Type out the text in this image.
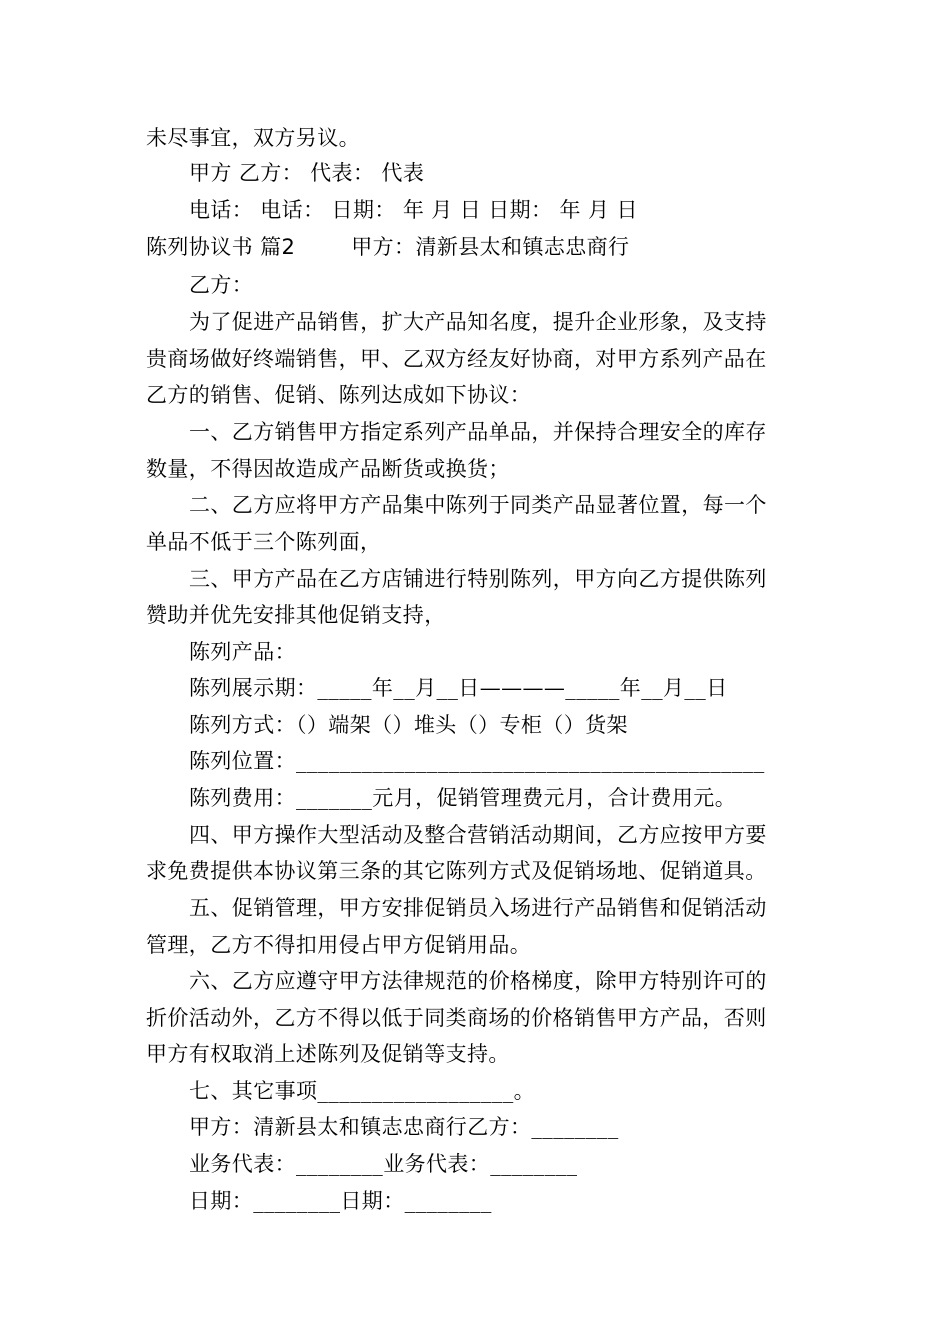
未尽事宜，双方另议。
甲方 乙方： 代表： 代表
电话： 电话： 日期： 年 月 日 日期： 年 月 日
陈列协议书 篇2	甲方：清新县太和镇志忠商行
乙方：
为了促进产品销售，扩大产品知名度，提升企业形象，及支持
贵商场做好终端销售，甲、乙双方经友好协商，对甲方系列产品在
乙方的销售、促销、陈列达成如下协议：
一、乙方销售甲方指定系列产品单品，并保持合理安全的库存
数量，不得因故造成产品断货或换货；
二、乙方应将甲方产品集中陈列于同类产品显著位置，每一个
单品不低于三个陈列面，
三、甲方产品在乙方店铺进行特别陈列，甲方向乙方提供陈列
赞助并优先安排其他促销支持，
陈列产品：
陈列展示期：_____年__月__日————_____年__月__日
陈列方式：（）端架（）堆头（）专柜（）货架
陈列位置：___________________________________________
陈列费用：_______元月，促销管理费元月，合计费用元。
四、甲方操作大型活动及整合营销活动期间，乙方应按甲方要
求免费提供本协议第三条的其它陈列方式及促销场地、促销道具。
五、促销管理，甲方安排促销员入场进行产品销售和促销活动
管理，乙方不得扣用侵占甲方促销用品。
六、乙方应遵守甲方法律规范的价格梯度，除甲方特别许可的
折价活动外，乙方不得以低于同类商场的价格销售甲方产品，否则
甲方有权取消上述陈列及促销等支持。
七、其它事项__________________。
甲方：清新县太和镇志忠商行乙方：________
业务代表：________业务代表：________
日期：________日期：________
